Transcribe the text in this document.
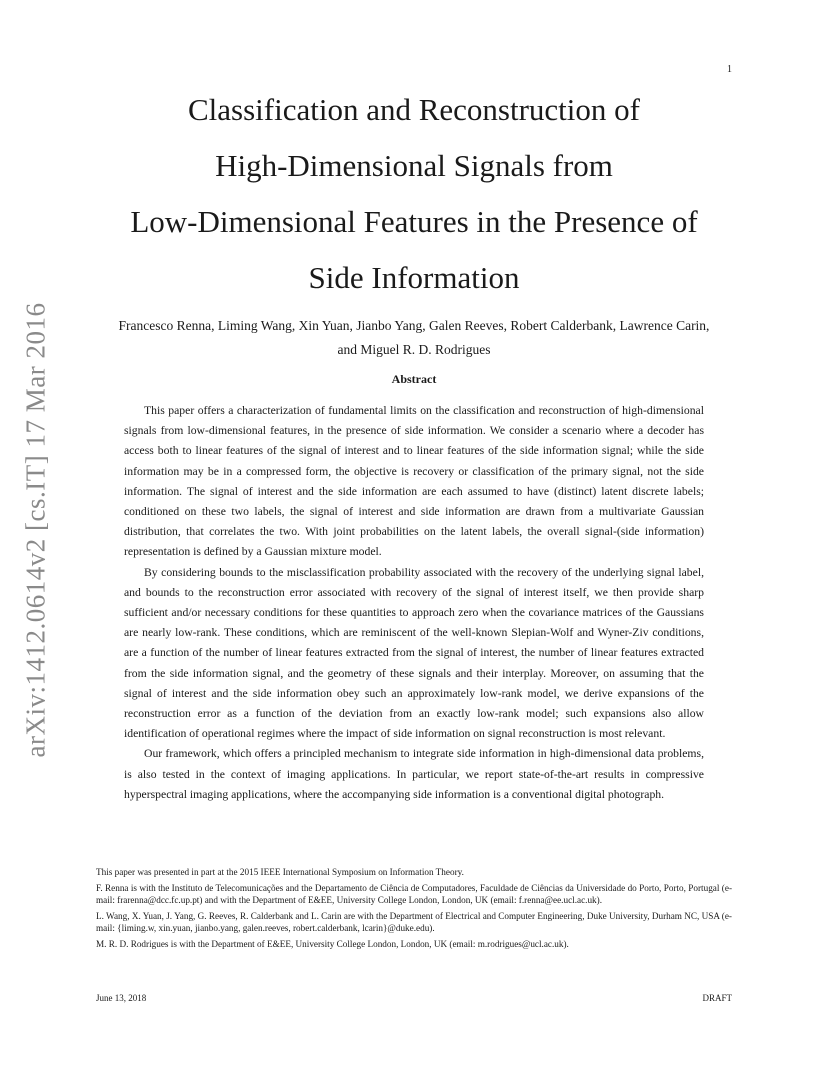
1
arXiv:1412.0614v2 [cs.IT] 17 Mar 2016
Classification and Reconstruction of
High-Dimensional Signals from
Low-Dimensional Features in the Presence of
Side Information
Francesco Renna, Liming Wang, Xin Yuan, Jianbo Yang, Galen Reeves, Robert Calderbank, Lawrence Carin,
and Miguel R. D. Rodrigues
Abstract

This paper offers a characterization of fundamental limits on the classification and reconstruction of high-dimensional signals from low-dimensional features, in the presence of side information. We consider a scenario where a decoder has access both to linear features of the signal of interest and to linear features of the side information signal; while the side information may be in a compressed form, the objective is recovery or classification of the primary signal, not the side information. The signal of interest and the side information are each assumed to have (distinct) latent discrete labels; conditioned on these two labels, the signal of interest and side information are drawn from a multivariate Gaussian distribution, that correlates the two. With joint probabilities on the latent labels, the overall signal-(side information) representation is defined by a Gaussian mixture model.

By considering bounds to the misclassification probability associated with the recovery of the underlying signal label, and bounds to the reconstruction error associated with recovery of the signal of interest itself, we then provide sharp sufficient and/or necessary conditions for these quantities to approach zero when the covariance matrices of the Gaussians are nearly low-rank. These conditions, which are reminiscent of the well-known Slepian-Wolf and Wyner-Ziv conditions, are a function of the number of linear features extracted from the signal of interest, the number of linear features extracted from the side information signal, and the geometry of these signals and their interplay. Moreover, on assuming that the signal of interest and the side information obey such an approximately low-rank model, we derive expansions of the reconstruction error as a function of the deviation from an exactly low-rank model; such expansions also allow identification of operational regimes where the impact of side information on signal reconstruction is most relevant.

Our framework, which offers a principled mechanism to integrate side information in high-dimensional data problems, is also tested in the context of imaging applications. In particular, we report state-of-the-art results in compressive hyperspectral imaging applications, where the accompanying side information is a conventional digital photograph.

This paper was presented in part at the 2015 IEEE International Symposium on Information Theory.

F. Renna is with the Instituto de Telecomunicações and the Departamento de Ciência de Computadores, Faculdade de Ciências da Universidade do Porto, Porto, Portugal (e-mail: frarenna@dcc.fc.up.pt) and with the Department of E&EE, University College London, London, UK (email: f.renna@ee.ucl.ac.uk).

L. Wang, X. Yuan, J. Yang, G. Reeves, R. Calderbank and L. Carin are with the Department of Electrical and Computer Engineering, Duke University, Durham NC, USA (e-mail: {liming.w, xin.yuan, jianbo.yang, galen.reeves, robert.calderbank, lcarin}@duke.edu).

M. R. D. Rodrigues is with the Department of E&EE, University College London, London, UK (email: m.rodrigues@ucl.ac.uk).

June 13, 2018	DRAFT
